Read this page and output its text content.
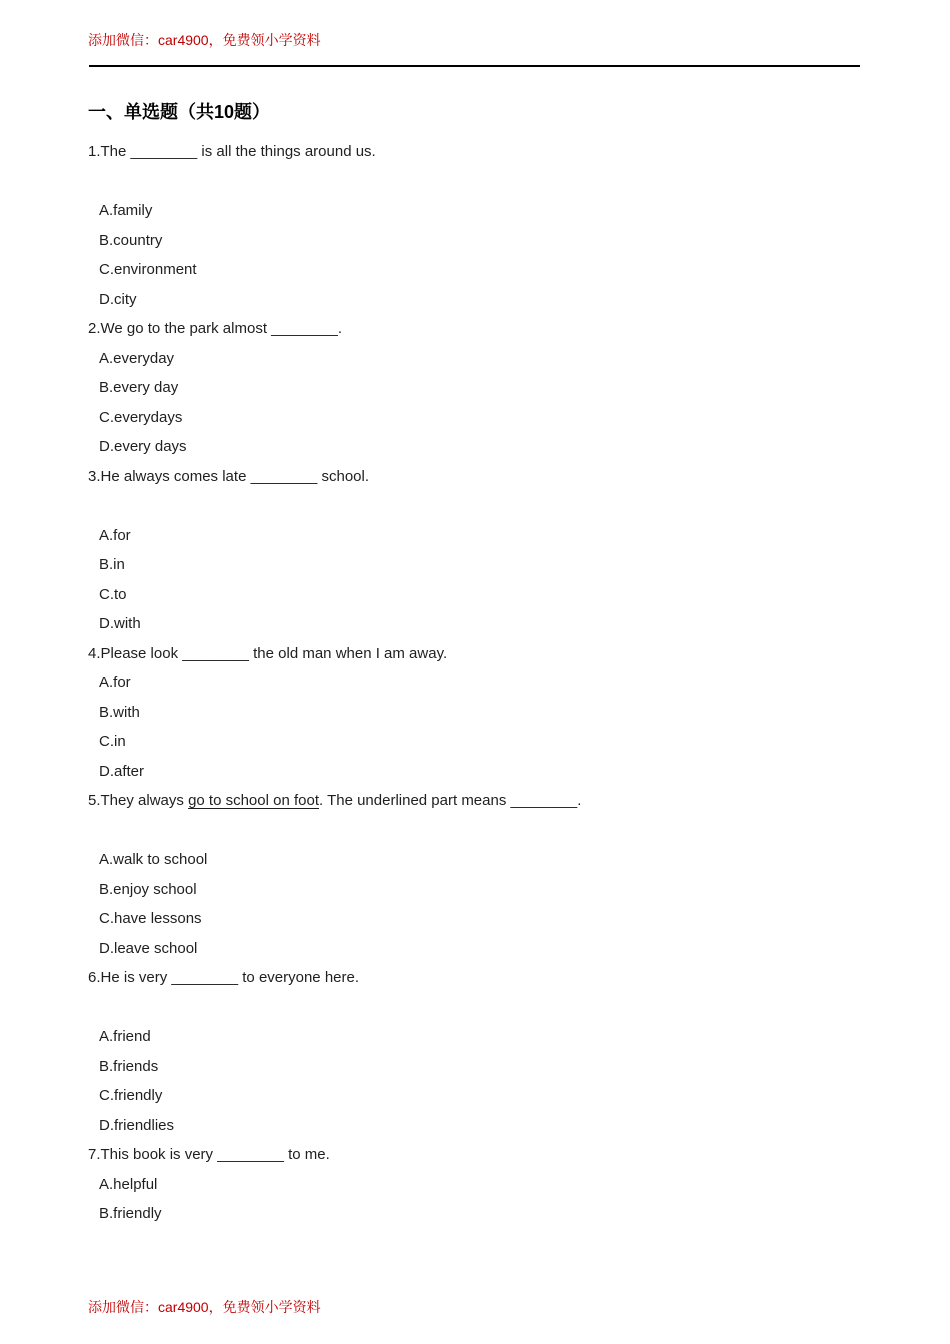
添加微信：car4900，免费领小学资料
一、单选题（共10题）

1.The ________ is all the things around us.

A.family

B.country

C.environment

D.city

2.We go to the park almost ________.

A.everyday

B.every day

C.everydays

D.every days

3.He always comes late ________ school.

A.for

B.in

C.to

D.with

4.Please look ________ the old man when I am away.

A.for

B.with

C.in

D.after

5.They always go to school on foot. The underlined part means ________.

A.walk to school

B.enjoy school

C.have lessons

D.leave school

6.He is very ________ to everyone here.

A.friend

B.friends

C.friendly

D.friendlies

7.This book is very ________ to me.

A.helpful

B.friendly

添加微信：car4900，免费领小学资料
